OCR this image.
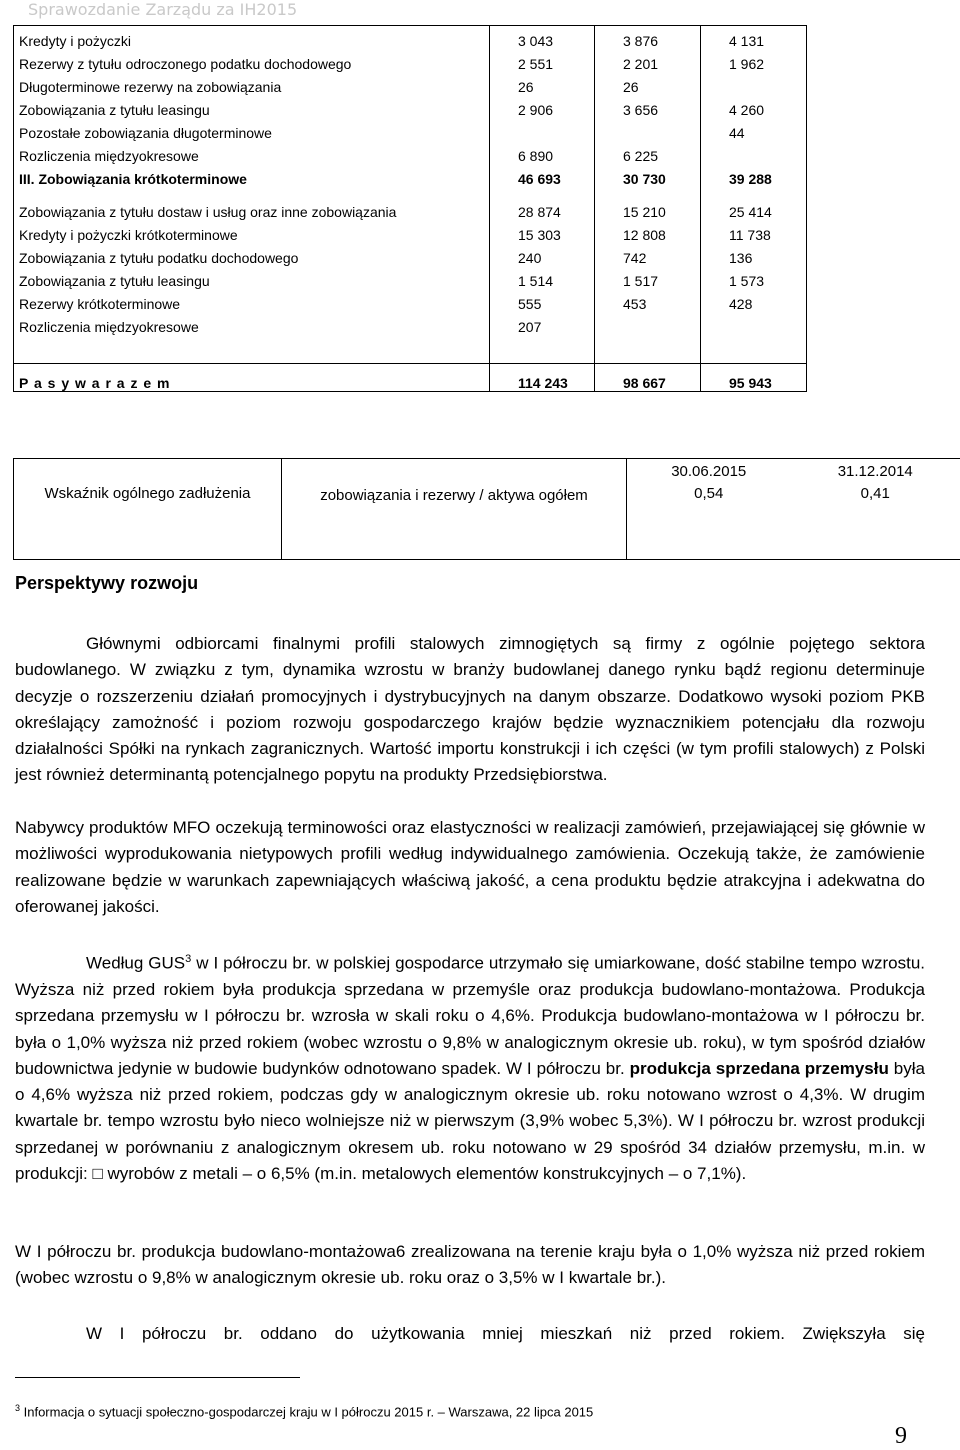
Sprawozdanie Zarządu za IH2015
Kredyty i pożyczki	3 043	3 876	4 131
Rezerwy z tytułu odroczonego podatku dochodowego	2 551	2 201	1 962
Długoterminowe rezerwy na zobowiązania	26	26	
Zobowiązania z tytułu leasingu	2 906	3 656	4 260
Pozostałe zobowiązania długoterminowe			44
Rozliczenia międzyokresowe	6 890	6 225	
III. Zobowiązania krótkoterminowe	46 693	30 730	39 288
Zobowiązania z tytułu dostaw i usług oraz inne zobowiązania	28 874	15 210	25 414
Kredyty i pożyczki krótkoterminowe	15 303	12 808	11 738
Zobowiązania z tytułu podatku dochodowego	240	742	136
Zobowiązania z tytułu leasingu	1 514	1 517	1 573
Rezerwy krótkoterminowe	555	453	428
Rozliczenia międzyokresowe	207		

P a s y w a r a z e m	114 243	98 667	95 943
Wskaźnik ogólnego zadłużenia	zobowiązania i rezerwy / aktywa ogółem	30.06.2015	31.12.2014
		0,54	0,41
Perspektywy rozwoju

Głównymi odbiorcami finalnymi profili stalowych zimnogiętych są firmy z ogólnie pojętego sektora budowlanego. W związku z tym, dynamika wzrostu w branży budowlanej danego rynku bądź regionu determinuje decyzje o rozszerzeniu działań promocyjnych i dystrybucyjnych na danym obszarze. Dodatkowo wysoki poziom PKB określający zamożność i poziom rozwoju gospodarczego krajów będzie wyznacznikiem potencjału dla rozwoju działalności Spółki na rynkach zagranicznych. Wartość importu konstrukcji i ich części (w tym profili stalowych) z Polski jest również determinantą potencjalnego popytu na produkty Przedsiębiorstwa.

Nabywcy produktów MFO oczekują terminowości oraz elastyczności w realizacji zamówień, przejawiającej się głównie w możliwości wyprodukowania nietypowych profili według indywidualnego zamówienia. Oczekują także, że zamówienie realizowane będzie w warunkach zapewniających właściwą jakość, a cena produktu będzie atrakcyjna i adekwatna do oferowanej jakości.

Według GUS$^3$ w I półroczu br. w polskiej gospodarce utrzymało się umiarkowane, dość stabilne tempo wzrostu. Wyższa niż przed rokiem była produkcja sprzedana w przemyśle oraz produkcja budowlano-montażowa. Produkcja sprzedana przemysłu w I półroczu br. wzrosła w skali roku o 4,6%. Produkcja budowlano-montażowa w I półroczu br. była o 1,0% wyższa niż przed rokiem (wobec wzrostu o 9,8% w analogicznym okresie ub. roku), w tym spośród działów budownictwa jedynie w budowie budynków odnotowano spadek. W I półroczu br. produkcja sprzedana przemysłu była o 4,6% wyższa niż przed rokiem, podczas gdy w analogicznym okresie ub. roku notowano wzrost o 4,3%. W drugim kwartale br. tempo wzrostu było nieco wolniejsze niż w pierwszym (3,9% wobec 5,3%). W I półroczu br. wzrost produkcji sprzedanej w porównaniu z analogicznym okresem ub. roku notowano w 29 spośród 34 działów przemysłu, m.in. w produkcji: □ wyrobów z metali – o 6,5% (m.in. metalowych elementów konstrukcyjnych – o 7,1%).

W I półroczu br. produkcja budowlano-montażowa6 zrealizowana na terenie kraju była o 1,0% wyższa niż przed rokiem (wobec wzrostu o 9,8% w analogicznym okresie ub. roku oraz o 3,5% w I kwartale br.).

W I półroczu br. oddano do użytkowania mniej mieszkań niż przed rokiem. Zwiększyła się

$^3$ Informacja o sytuacji społeczno-gospodarczej kraju w I półroczu 2015 r. – Warszawa, 22 lipca 2015
9
